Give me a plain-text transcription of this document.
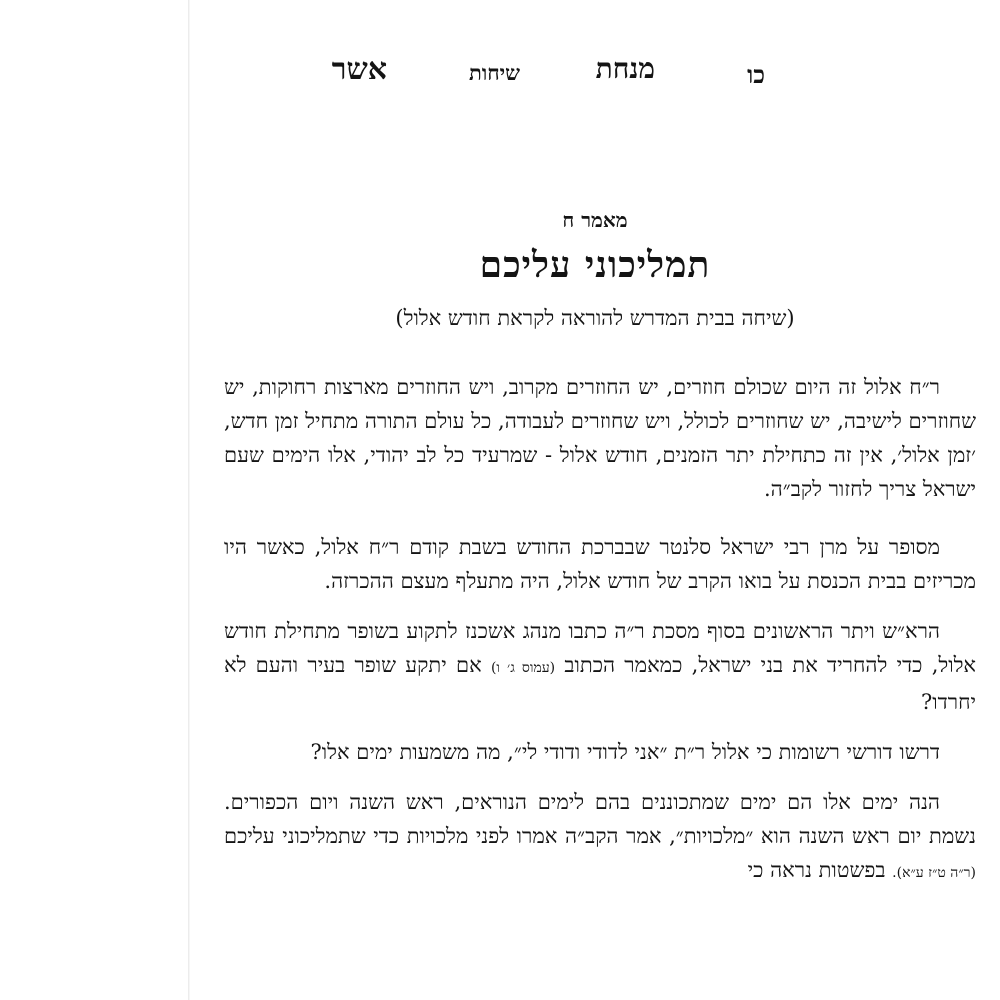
כו
מנחת
שיחות
אשר
מאמר ח
תמליכוני עליכם
(שיחה בבית המדרש להוראה לקראת חודש אלול)

ר״ח אלול זה היום שכולם חוזרים, יש החוזרים מקרוב, ויש החוזרים מארצות רחוקות, יש שחוזרים לישיבה, יש שחוזרים לכולל, ויש שחוזרים לעבודה, כל עולם התורה מתחיל זמן חדש, ׳זמן אלול׳, אין זה כתחילת יתר הזמנים, חודש אלול - שמרעיד כל לב יהודי, אלו הימים שעם ישראל צריך לחזור לקב״ה.

מסופר על מרן רבי ישראל סלנטר שבברכת החודש בשבת קודם ר״ח אלול, כאשר היו מכריזים בבית הכנסת על בואו הקרב של חודש אלול, היה מתעלף מעצם ההכרזה.

הרא״ש ויתר הראשונים בסוף מסכת ר״ה כתבו מנהג אשכנז לתקוע בשופר מתחילת חודש אלול, כדי להחריד את בני ישראל, כמאמר הכתוב (עמוס ג׳ ו) אם יתקע שופר בעיר והעם לא יחרדו?

דרשו דורשי רשומות כי אלול ר״ת ״אני לדודי ודודי לי״, מה משמעות ימים אלו?

הנה ימים אלו הם ימים שמתכוננים בהם לימים הנוראים, ראש השנה ויום הכפורים. נשמת יום ראש השנה הוא ״מלכויות״, אמר הקב״ה אמרו לפני מלכויות כדי שתמליכוני עליכם (ר״ה ט״ז ע״א). בפשטות נראה כי
